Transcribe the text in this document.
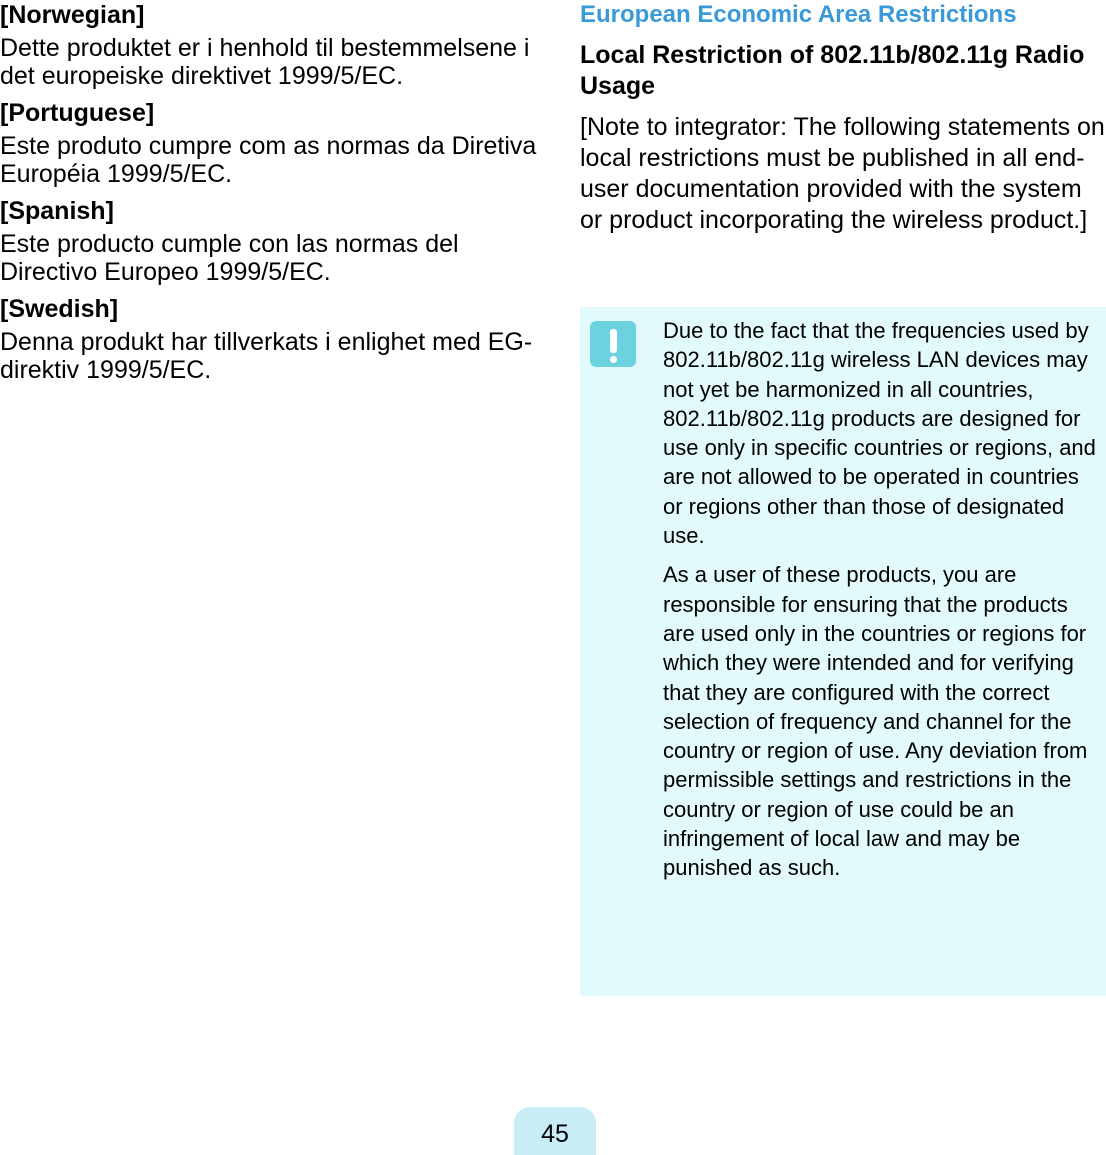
[Norwegian]
Dette produktet er i henhold til bestemmelsene i det europeiske direktivet 1999/5/EC.
[Portuguese]
Este produto cumpre com as normas da Diretiva Européia 1999/5/EC.
[Spanish]
Este producto cumple con las normas del Directivo Europeo 1999/5/EC.
[Swedish]
Denna produkt har tillverkats i enlighet med EG-direktiv 1999/5/EC.
European Economic Area Restrictions
Local Restriction of 802.11b/802.11g Radio Usage
[Note to integrator: The following statements on local restrictions must be published in all end-user documentation provided with the system or product incorporating the wireless product.]

Due to the fact that the frequencies used by 802.11b/802.11g wireless LAN devices may not yet be harmonized in all countries, 802.11b/802.11g products are designed for use only in specific countries or regions, and are not allowed to be operated in countries or regions other than those of designated use.

As a user of these products, you are responsible for ensuring that the products are used only in the countries or regions for which they were intended and for verifying that they are configured with the correct selection of frequency and channel for the country or region of use. Any deviation from permissible settings and restrictions in the country or region of use could be an infringement of local law and may be punished as such.

45
